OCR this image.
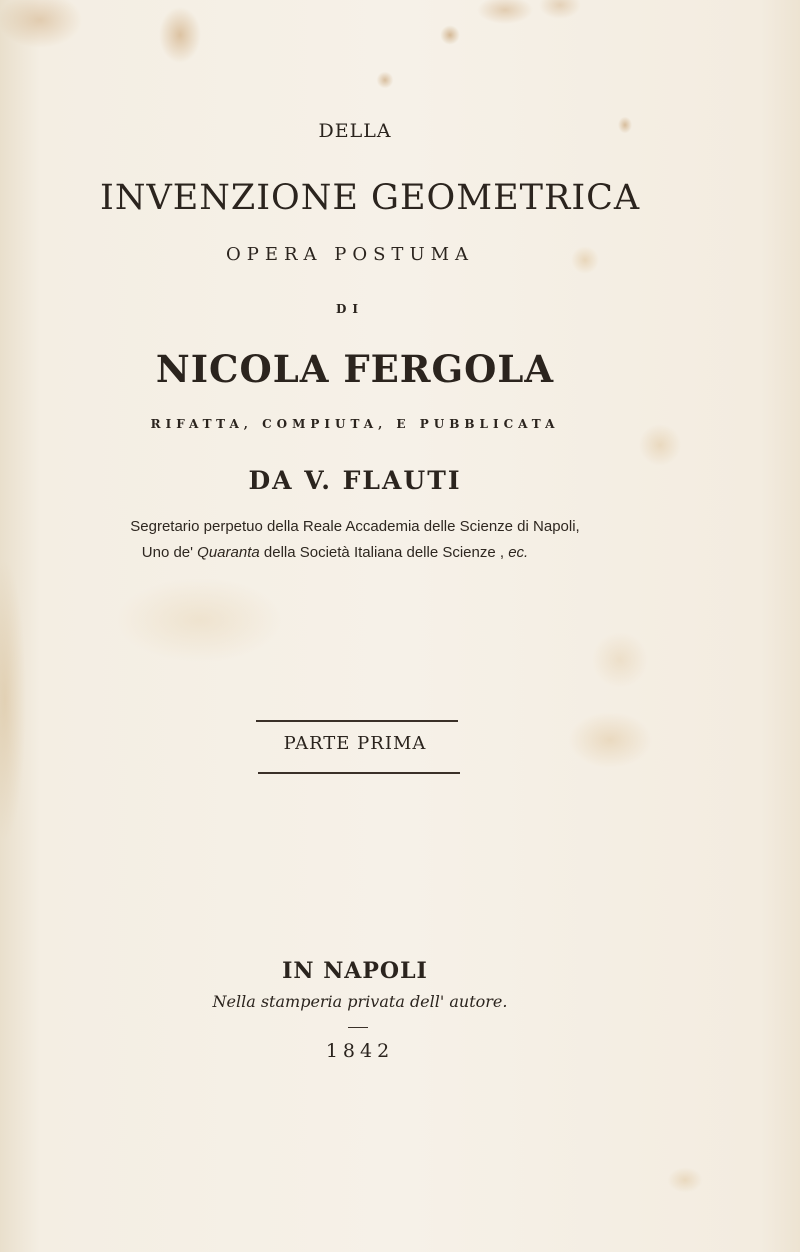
DELLA
INVENZIONE GEOMETRICA
OPERA POSTUMA
DI
NICOLA FERGOLA
RIFATTA, COMPIUTA, E PUBBLICATA
DA V. FLAUTI
Segretario perpetuo della Reale Accademia delle Scienze di Napoli,
Uno de' Quaranta della Società Italiana delle Scienze , ec.
PARTE PRIMA
IN NAPOLI
Nella stamperia privata dell' autore.
1842
